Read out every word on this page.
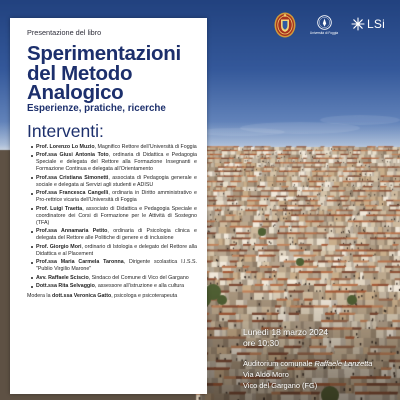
Università di Foggia
LSi
Presentazione del libro
Sperimentazioni
del Metodo
Analogico
Esperienze, pratiche, ricerche
Interventi:
Prof. Lorenzo Lo Muzio, Magnifico Rettore dell’Università di Foggia
Prof.ssa Giusi Antonia Toto, ordinaria di Didattica e Pedagogia Speciale e delegata del Rettore alla Formazione Insegnanti e Formazione Continua e delegata all’Orientamento
Prof.ssa Cristiana Simonetti, associata di Pedagogia generale e sociale e delegata ai Servizi agli studenti e ADISU
Prof.ssa Francesca Cangelli, ordinaria in Diritto amministrativo e Pro-rettrice vicaria dell’Università di Foggia
Prof. Luigi Traetta, associato di Didattica e Pedagogia Speciale e coordinatore dei Corsi di Formazione per le Attività di Sostegno (TFA)
Prof.ssa Annamaria Petito, ordinaria di Psicologia clinica e delegata del Rettore alle Politiche di genere e di inclusione
Prof. Giorgio Mori, ordinario di Istologia e delegato del Rettore alla Didattica e al Placement
Prof.ssa Maria Carmela Taronna, Dirigente scolastica I.I.S.S. "Publio Virgilio Marone"
Avv. Raffaele Sciscio, Sindaco del Comune di Vico del Gargano
Dott.ssa Rita Selvaggio, assessore all’istruzione e alla cultura

Modera la dott.ssa Veronica Gatto, psicologa e psicoterapeuta

Lunedì 18 marzo 2024
ore 10:30
Auditorium comunale Raffaele Lanzetta
Via Aldo Moro
Vico del Gargano (FG)
